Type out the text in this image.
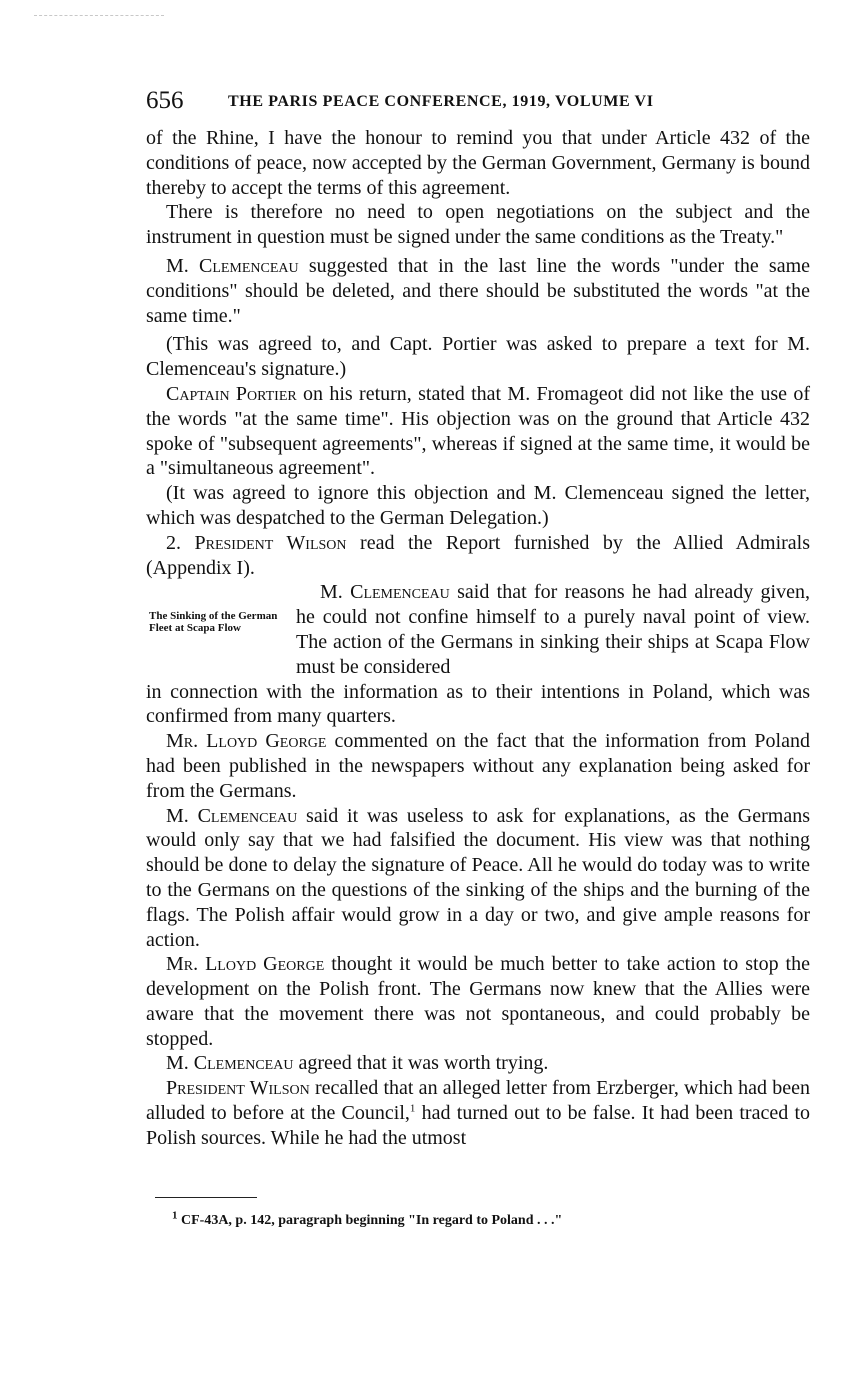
656	THE PARIS PEACE CONFERENCE, 1919, VOLUME VI

of the Rhine, I have the honour to remind you that under Article 432 of the conditions of peace, now accepted by the German Government, Germany is bound thereby to accept the terms of this agreement.

There is therefore no need to open negotiations on the subject and the instrument in question must be signed under the same conditions as the Treaty."

M. Clemenceau suggested that in the last line the words "under the same conditions" should be deleted, and there should be substituted the words "at the same time."

(This was agreed to, and Capt. Portier was asked to prepare a text for M. Clemenceau's signature.)

Captain Portier on his return, stated that M. Fromageot did not like the use of the words "at the same time". His objection was on the ground that Article 432 spoke of "subsequent agreements", whereas if signed at the same time, it would be a "simultaneous agreement".

(It was agreed to ignore this objection and M. Clemenceau signed the letter, which was despatched to the German Delegation.)

2. President Wilson read the Report furnished by the Allied Admirals (Appendix I).

The Sinking of the German Fleet at Scapa Flow

M. Clemenceau said that for reasons he had already given, he could not confine himself to a purely naval point of view. The action of the Germans in sinking their ships at Scapa Flow must be considered

in connection with the information as to their intentions in Poland, which was confirmed from many quarters.

Mr. Lloyd George commented on the fact that the information from Poland had been published in the newspapers without any explanation being asked for from the Germans.

M. Clemenceau said it was useless to ask for explanations, as the Germans would only say that we had falsified the document. His view was that nothing should be done to delay the signature of Peace. All he would do today was to write to the Germans on the questions of the sinking of the ships and the burning of the flags. The Polish affair would grow in a day or two, and give ample reasons for action.

Mr. Lloyd George thought it would be much better to take action to stop the development on the Polish front. The Germans now knew that the Allies were aware that the movement there was not spontaneous, and could probably be stopped.

M. Clemenceau agreed that it was worth trying.

President Wilson recalled that an alleged letter from Erzberger, which had been alluded to before at the Council,$^1$ had turned out to be false. It had been traced to Polish sources. While he had the utmost

$^1$ CF-43A, p. 142, paragraph beginning "In regard to Poland . . ."
